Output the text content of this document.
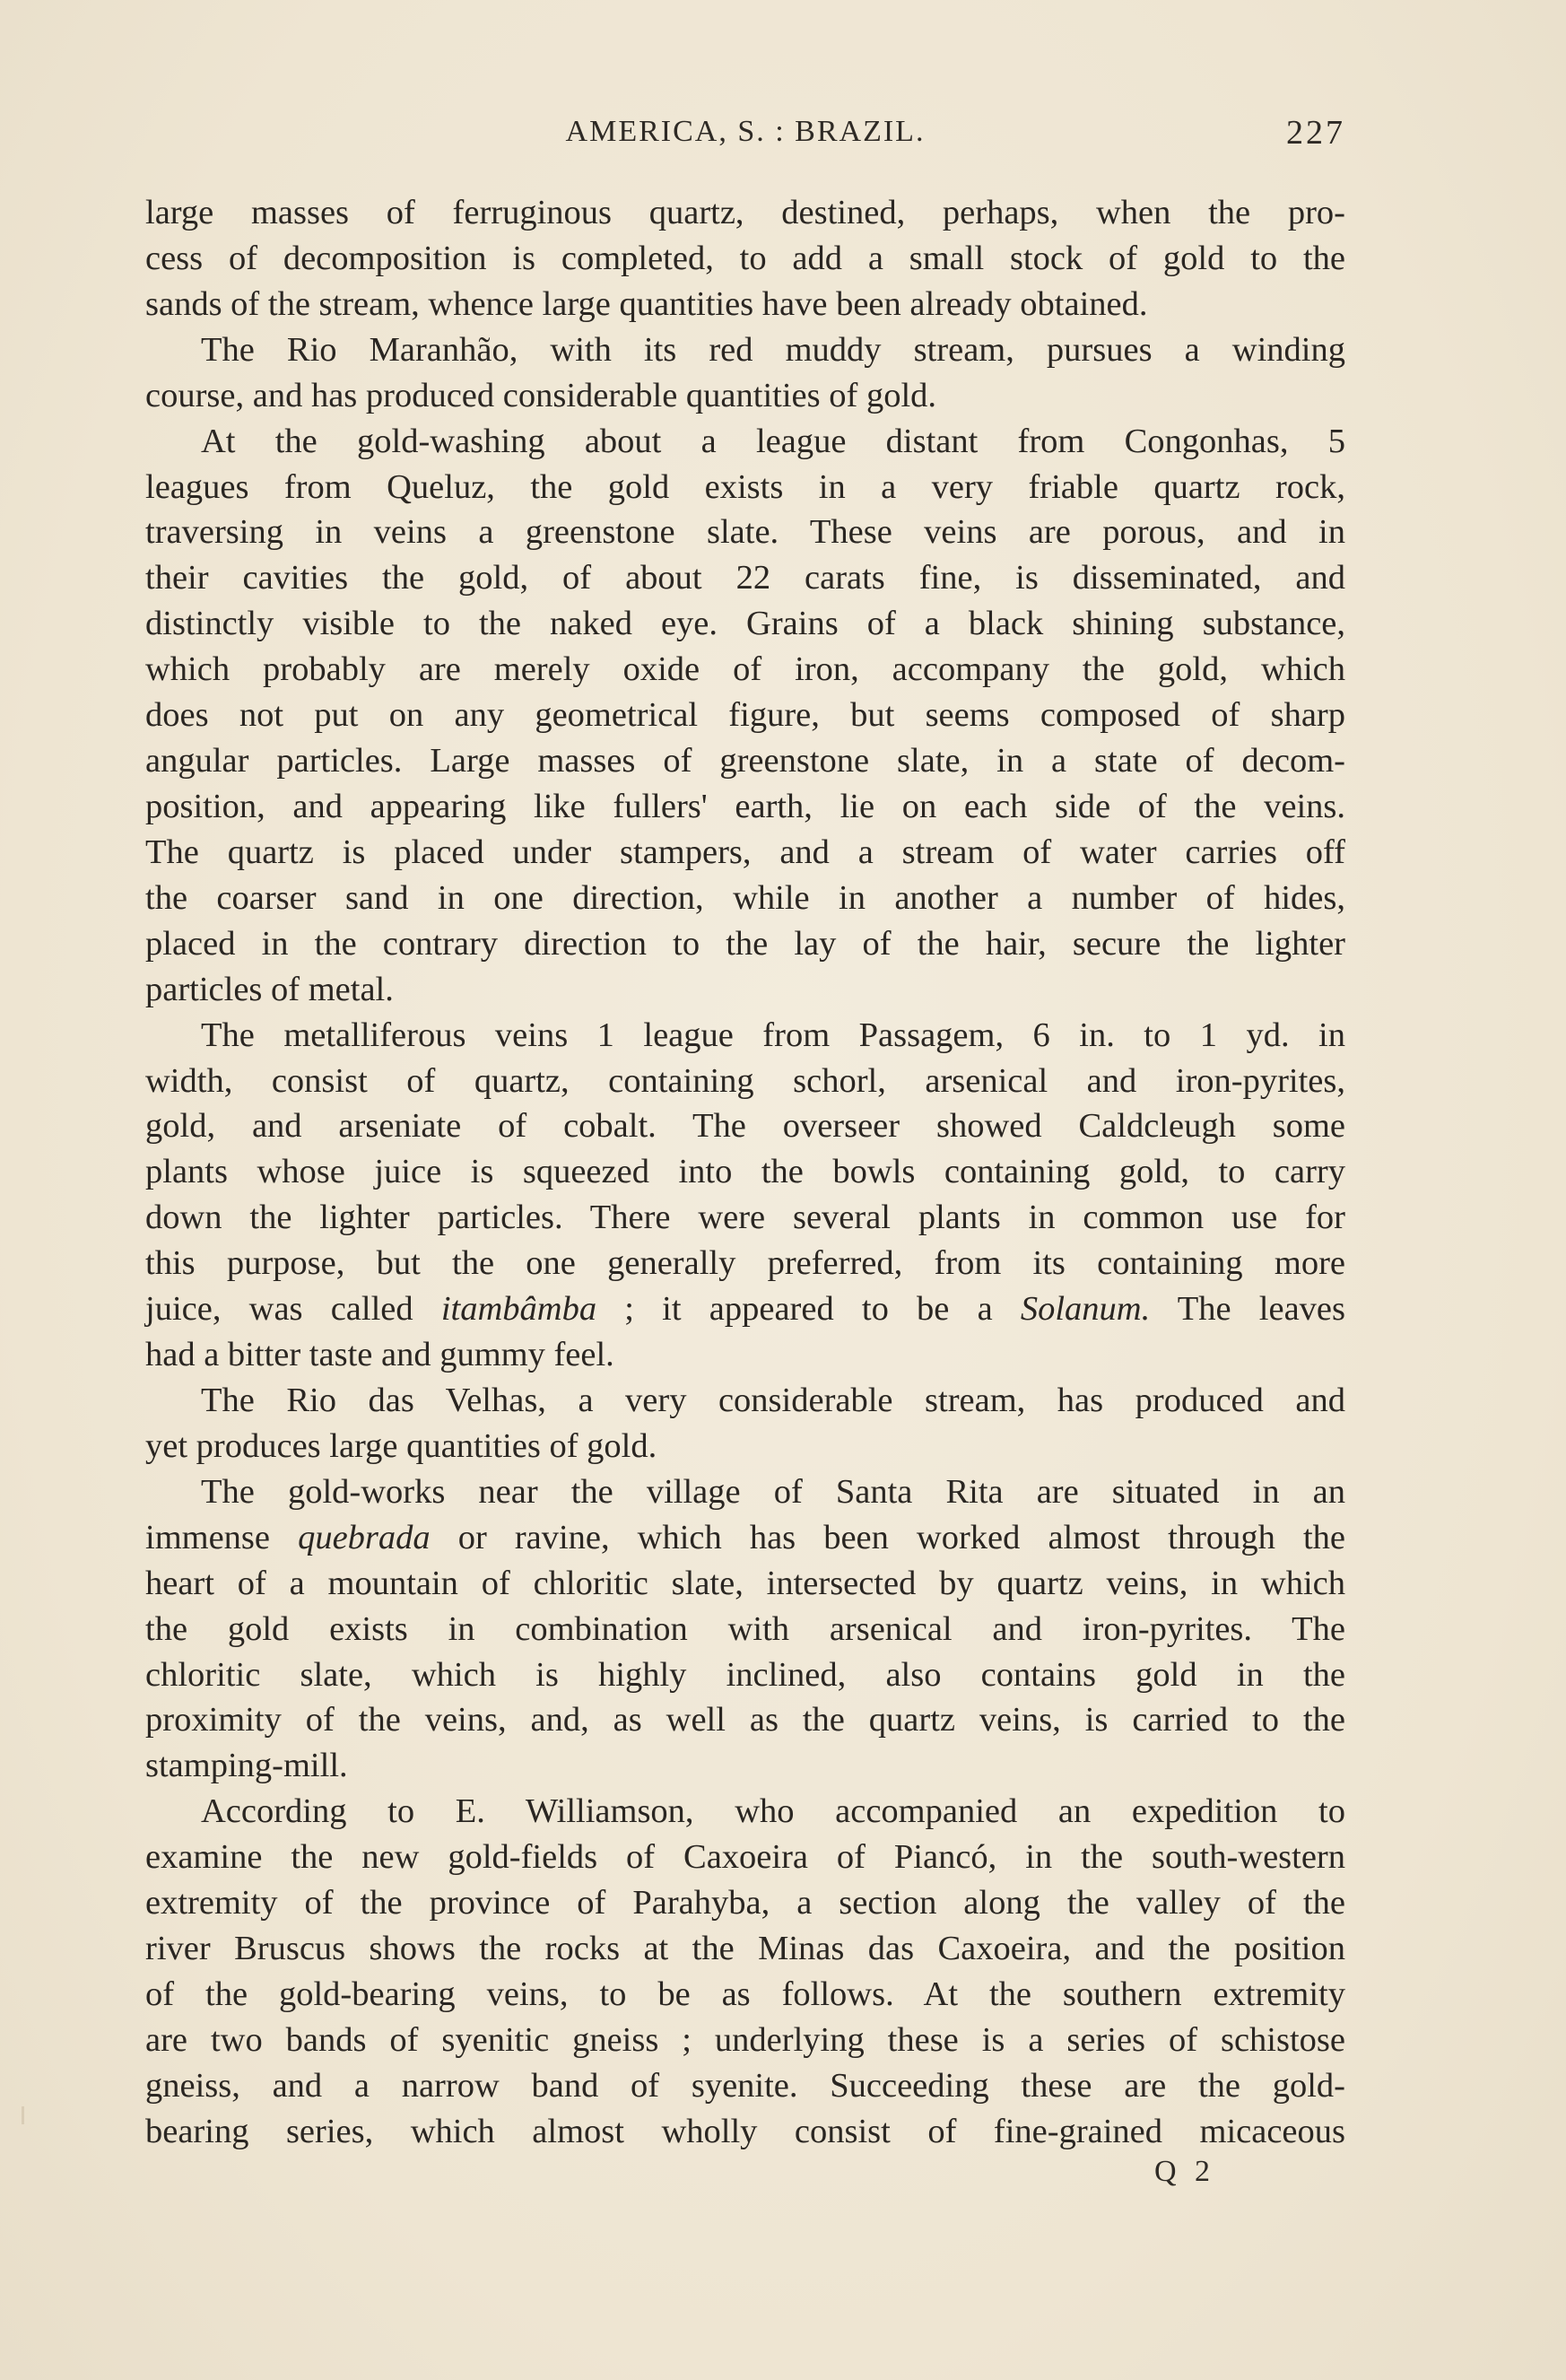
AMERICA, S. : BRAZIL.	227
large masses of ferruginous quartz, destined, perhaps, when the pro-
cess of decomposition is completed, to add a small stock of gold to the
sands of the stream, whence large quantities have been already obtained.
The Rio Maranhão, with its red muddy stream, pursues a winding
course, and has produced considerable quantities of gold.
At the gold-washing about a league distant from Congonhas, 5
leagues from Queluz, the gold exists in a very friable quartz rock,
traversing in veins a greenstone slate. These veins are porous, and in
their cavities the gold, of about 22 carats fine, is disseminated, and
distinctly visible to the naked eye. Grains of a black shining substance,
which probably are merely oxide of iron, accompany the gold, which
does not put on any geometrical figure, but seems composed of sharp
angular particles. Large masses of greenstone slate, in a state of decom-
position, and appearing like fullers' earth, lie on each side of the veins.
The quartz is placed under stampers, and a stream of water carries off
the coarser sand in one direction, while in another a number of hides,
placed in the contrary direction to the lay of the hair, secure the lighter
particles of metal.
The metalliferous veins 1 league from Passagem, 6 in. to 1 yd. in
width, consist of quartz, containing schorl, arsenical and iron-pyrites,
gold, and arseniate of cobalt. The overseer showed Caldcleugh some
plants whose juice is squeezed into the bowls containing gold, to carry
down the lighter particles. There were several plants in common use for
this purpose, but the one generally preferred, from its containing more
juice, was called itambâmba ; it appeared to be a Solanum. The leaves
had a bitter taste and gummy feel.
The Rio das Velhas, a very considerable stream, has produced and
yet produces large quantities of gold.
The gold-works near the village of Santa Rita are situated in an
immense quebrada or ravine, which has been worked almost through the
heart of a mountain of chloritic slate, intersected by quartz veins, in which
the gold exists in combination with arsenical and iron-pyrites. The
chloritic slate, which is highly inclined, also contains gold in the
proximity of the veins, and, as well as the quartz veins, is carried to the
stamping-mill.
According to E. Williamson, who accompanied an expedition to
examine the new gold-fields of Caxoeira of Piancó, in the south-western
extremity of the province of Parahyba, a section along the valley of the
river Bruscus shows the rocks at the Minas das Caxoeira, and the position
of the gold-bearing veins, to be as follows. At the southern extremity
are two bands of syenitic gneiss ; underlying these is a series of schistose
gneiss, and a narrow band of syenite. Succeeding these are the gold-
bearing series, which almost wholly consist of fine-grained micaceous
Q 2
